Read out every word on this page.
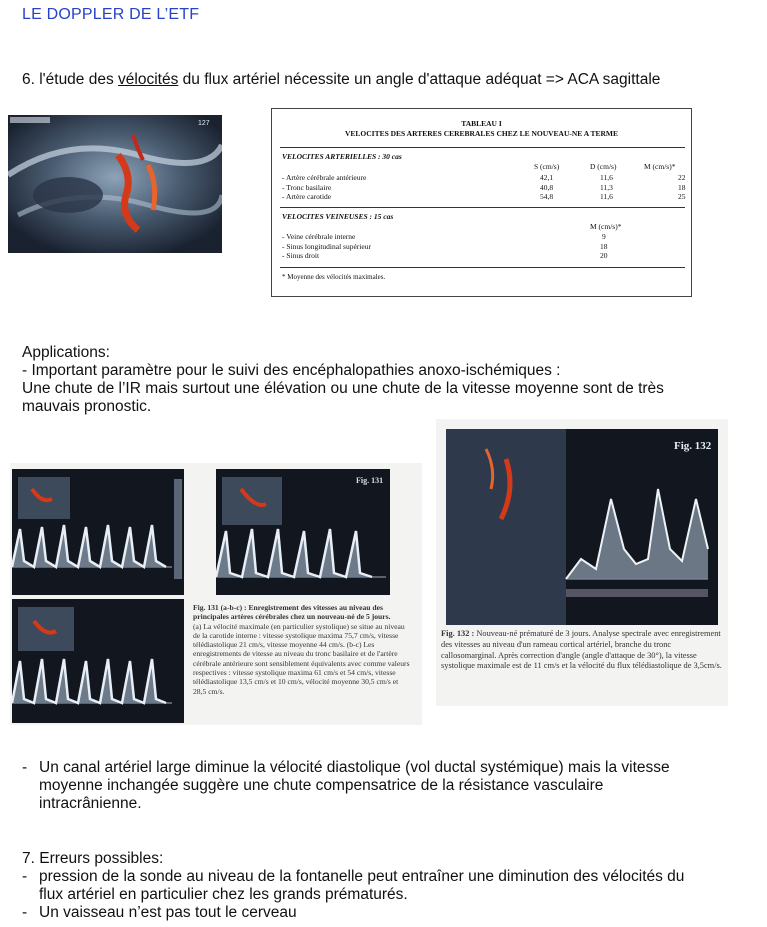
LE DOPPLER DE L’ETF
6. l'étude des vélocités du flux artériel nécessite un angle d'attaque adéquat => ACA sagittale
127	TABLEAU I
VELOCITES DES ARTERES CEREBRALES CHEZ LE NOUVEAU-NE A TERME
VELOCITES ARTERIELLES : 30 cas
S (cm/s)	D (cm/s)	M (cm/s)*
- Artère cérébrale antérieure	42,1	11,6	22
- Tronc basilaire	40,8	11,3	18
- Artère carotide	54,8	11,6	25
VELOCITES VEINEUSES : 15 cas
M (cm/s)*
- Veine cérébrale interne	9
- Sinus longitudinal supérieur	18
- Sinus droit	20
* Moyenne des vélocités maximales.
Applications:
- Important paramètre pour le suivi des encéphalopathies anoxo-ischémiques :
Une chute de l’IR mais surtout une élévation ou une chute de la vitesse moyenne sont de très
mauvais pronostic.
Fig. 131
Fig. 131 (a-b-c) : Enregistrement des vitesses au niveau des principales artères cérébrales chez un nouveau-né de 5 jours.
(a) La vélocité maximale (en particulier systolique) se situe au niveau de la carotide interne : vitesse systolique maxima 75,7 cm/s, vitesse télédiastolique 21 cm/s, vitesse moyenne 44 cm/s. (b-c) Les enregistrements de vitesse au niveau du tronc basilaire et de l'artère cérébrale antérieure sont sensiblement équivalents avec comme valeurs respectives : vitesse systolique maxima 61 cm/s et 54 cm/s, vitesse télédiastolique 13,5 cm/s et 10 cm/s, vélocité moyenne 30,5 cm/s et 28,5 cm/s.
Fig. 132
Fig. 132 : Nouveau-né prématuré de 3 jours. Analyse spectrale avec enregistrement des vitesses au niveau d'un rameau cortical artériel, branche du tronc callosomarginal. Après correction d'angle (angle d'attaque de 30°), la vitesse systolique maximale est de 11 cm/s et la vélocité du flux télédiastolique de 3,5cm/s.
- Un canal artériel large diminue la vélocité diastolique (vol ductal systémique) mais la vitesse moyenne inchangée suggère une chute compensatrice de la résistance vasculaire intracrânienne.
7. Erreurs possibles:
- pression de la sonde au niveau de la fontanelle peut entraîner une diminution des vélocités du flux artériel en particulier chez les grands prématurés.
- Un vaisseau n’est pas tout le cerveau
